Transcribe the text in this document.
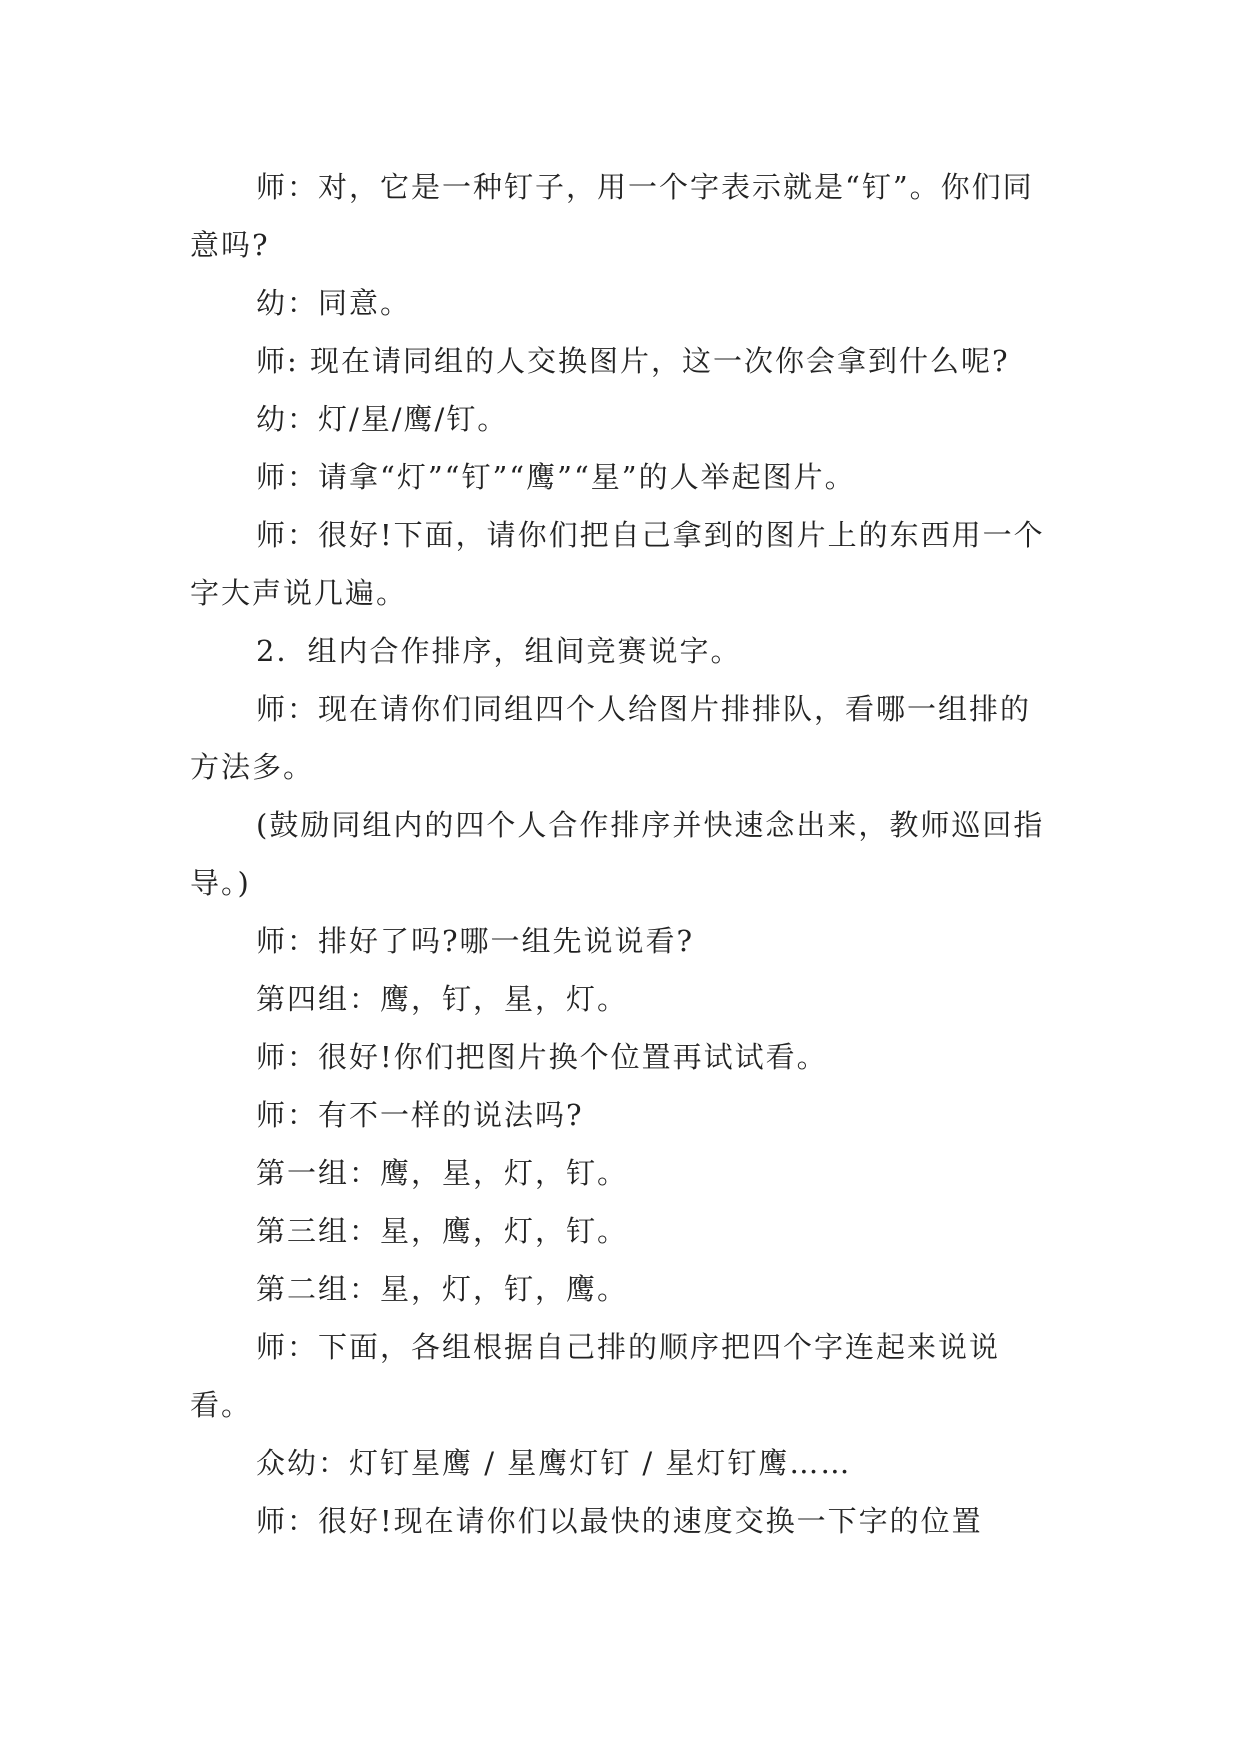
师：对，它是一种钉子，用一个字表示就是“钉”。你们同意吗?

幼：同意。

师: 现在请同组的人交换图片，这一次你会拿到什么呢?

幼：灯/星/鹰/钉。

师：请拿“灯”“钉”“鹰”“星”的人举起图片。

师：很好!下面，请你们把自己拿到的图片上的东西用一个字大声说几遍。

2．组内合作排序，组间竞赛说字。

师：现在请你们同组四个人给图片排排队，看哪一组排的方法多。

(鼓励同组内的四个人合作排序并快速念出来，教师巡回指导。)

师：排好了吗?哪一组先说说看?

第四组：鹰，钉，星，灯。

师：很好!你们把图片换个位置再试试看。

师：有不一样的说法吗?

第一组：鹰，星，灯，钉。

第三组：星，鹰，灯，钉。

第二组：星，灯，钉，鹰。

师：下面，各组根据自己排的顺序把四个字连起来说说看。

众幼：灯钉星鹰 / 星鹰灯钉 / 星灯钉鹰……

师：很好!现在请你们以最快的速度交换一下字的位置
